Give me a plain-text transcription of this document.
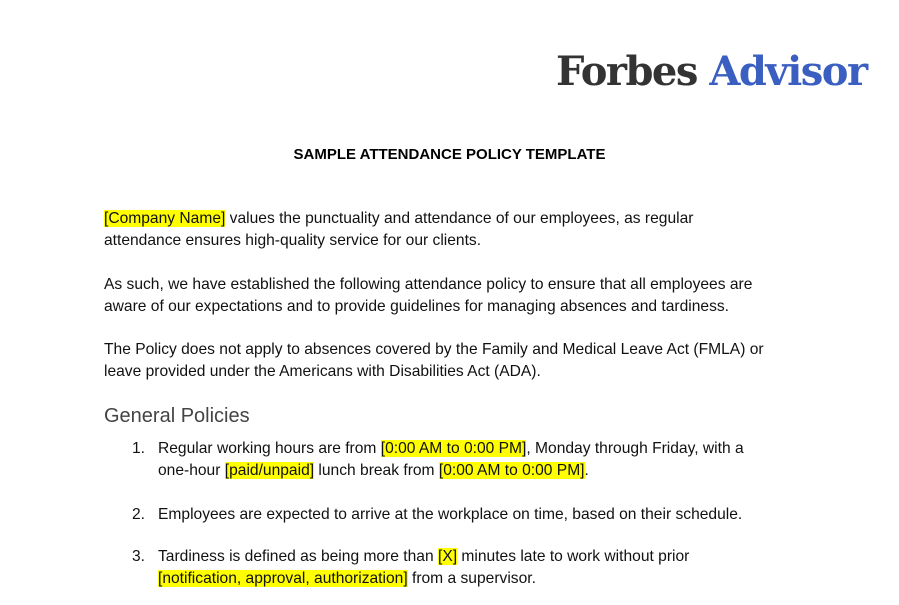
Forbes Advisor
SAMPLE ATTENDANCE POLICY TEMPLATE
[Company Name] values the punctuality and attendance of our employees, as regular
attendance ensures high-quality service for our clients.
As such, we have established the following attendance policy to ensure that all employees are
aware of our expectations and to provide guidelines for managing absences and tardiness.
The Policy does not apply to absences covered by the Family and Medical Leave Act (FMLA) or
leave provided under the Americans with Disabilities Act (ADA).
General Policies
1. Regular working hours are from [0:00 AM to 0:00 PM], Monday through Friday, with a
one-hour [paid/unpaid] lunch break from [0:00 AM to 0:00 PM].
2. Employees are expected to arrive at the workplace on time, based on their schedule.
3. Tardiness is defined as being more than [X] minutes late to work without prior
[notification, approval, authorization] from a supervisor.
